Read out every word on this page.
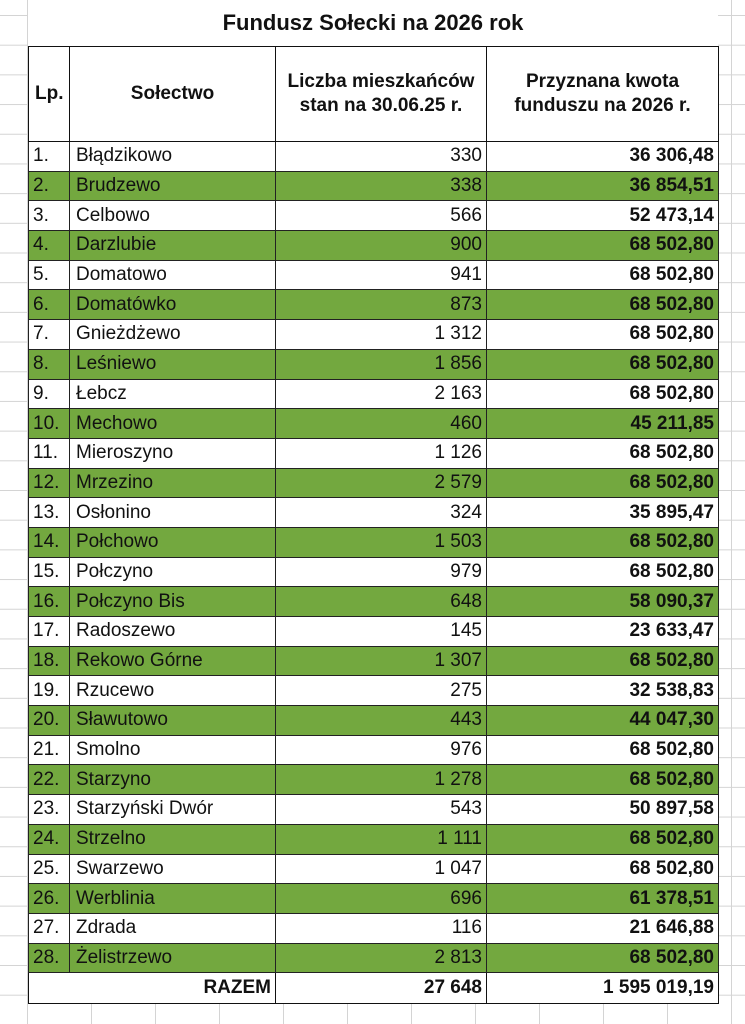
Fundusz Sołecki na 2026 rok
Lp.	Sołectwo	Liczba mieszkańców stan na 30.06.25 r.	Przyznana kwota funduszu na 2026 r.
1.	Błądzikowo	330	36 306,48
2.	Brudzewo	338	36 854,51
3.	Celbowo	566	52 473,14
4.	Darzlubie	900	68 502,80
5.	Domatowo	941	68 502,80
6.	Domatówko	873	68 502,80
7.	Gnieżdżewo	1 312	68 502,80
8.	Leśniewo	1 856	68 502,80
9.	Łebcz	2 163	68 502,80
10.	Mechowo	460	45 211,85
11.	Mieroszyno	1 126	68 502,80
12.	Mrzezino	2 579	68 502,80
13.	Osłonino	324	35 895,47
14.	Połchowo	1 503	68 502,80
15.	Połczyno	979	68 502,80
16.	Połczyno Bis	648	58 090,37
17.	Radoszewo	145	23 633,47
18.	Rekowo Górne	1 307	68 502,80
19.	Rzucewo	275	32 538,83
20.	Sławutowo	443	44 047,30
21.	Smolno	976	68 502,80
22.	Starzyno	1 278	68 502,80
23.	Starzyński Dwór	543	50 897,58
24.	Strzelno	1 111	68 502,80
25.	Swarzewo	1 047	68 502,80
26.	Werblinia	696	61 378,51
27.	Zdrada	116	21 646,88
28.	Żelistrzewo	2 813	68 502,80
RAZEM		27 648	1 595 019,19
